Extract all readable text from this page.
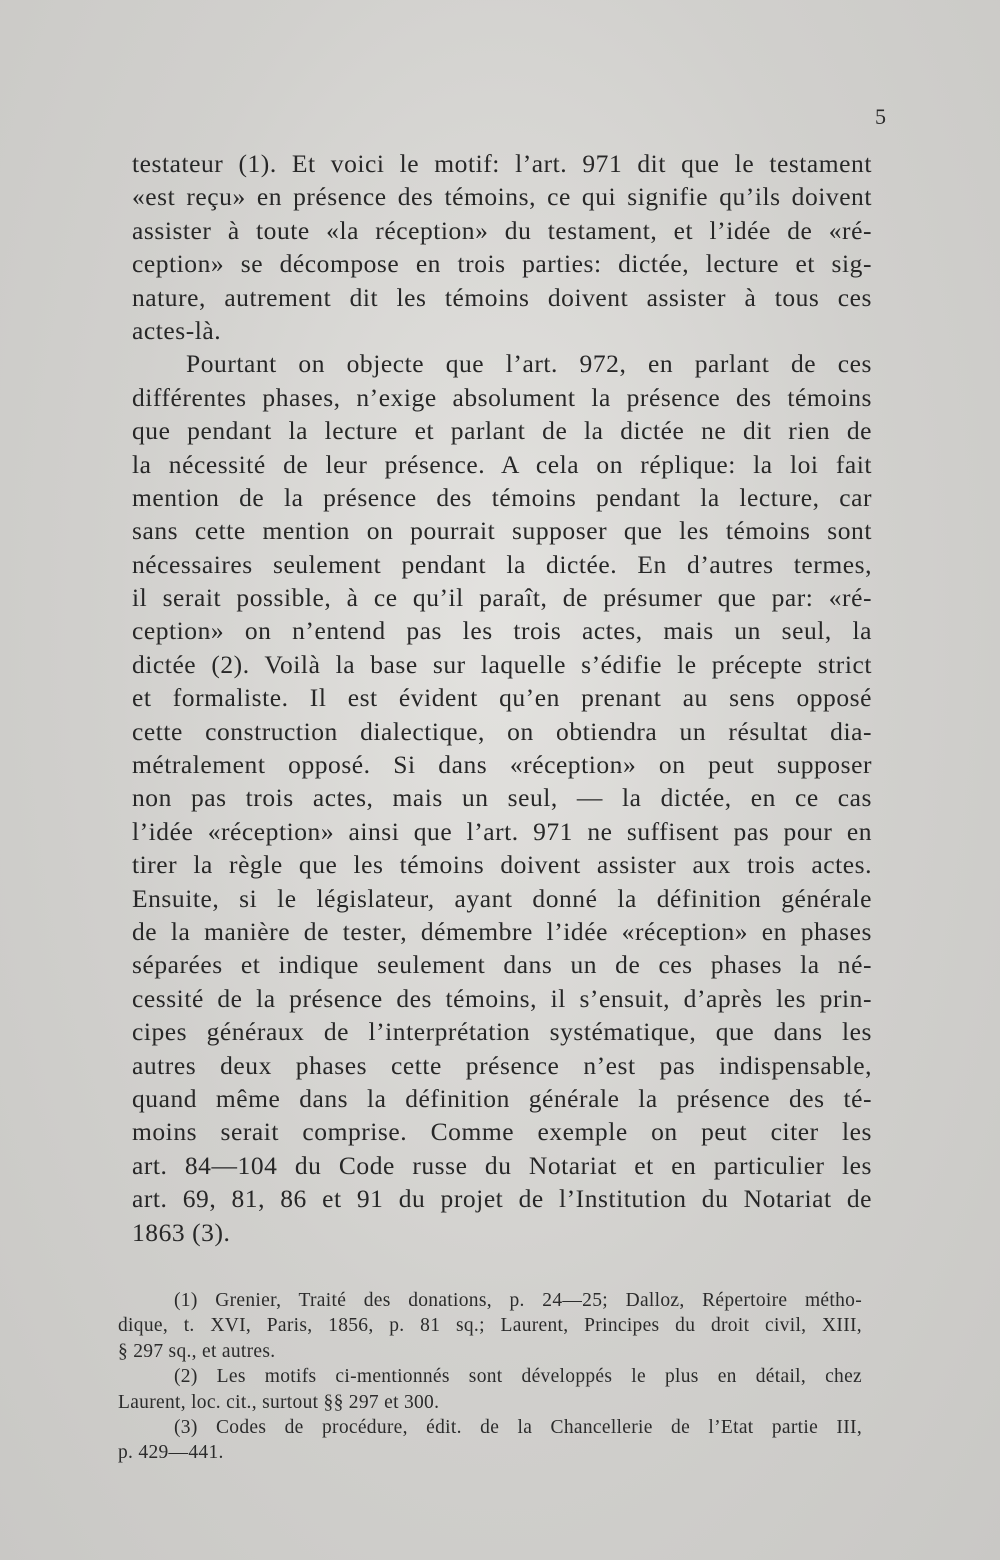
5
testateur (1). Et voici le motif: l’art. 971 dit que le testament
«est reçu» en présence des témoins, ce qui signifie qu’ils doivent
assister à toute «la réception» du testament, et l’idée de «ré-
ception» se décompose en trois parties: dictée, lecture et sig-
nature, autrement dit les témoins doivent assister à tous ces
actes-là.
Pourtant on objecte que l’art. 972, en parlant de ces
différentes phases, n’exige absolument la présence des témoins
que pendant la lecture et parlant de la dictée ne dit rien de
la nécessité de leur présence. A cela on réplique: la loi fait
mention de la présence des témoins pendant la lecture, car
sans cette mention on pourrait supposer que les témoins sont
nécessaires seulement pendant la dictée. En d’autres termes,
il serait possible, à ce qu’il paraît, de présumer que par: «ré-
ception» on n’entend pas les trois actes, mais un seul, la
dictée (2). Voilà la base sur laquelle s’édifie le précepte strict
et formaliste. Il est évident qu’en prenant au sens opposé
cette construction dialectique, on obtiendra un résultat dia-
métralement opposé. Si dans «réception» on peut supposer
non pas trois actes, mais un seul, — la dictée, en ce cas
l’idée «réception» ainsi que l’art. 971 ne suffisent pas pour en
tirer la règle que les témoins doivent assister aux trois actes.
Ensuite, si le législateur, ayant donné la définition générale
de la manière de tester, démembre l’idée «réception» en phases
séparées et indique seulement dans un de ces phases la né-
cessité de la présence des témoins, il s’ensuit, d’après les prin-
cipes généraux de l’interprétation systématique, que dans les
autres deux phases cette présence n’est pas indispensable,
quand même dans la définition générale la présence des té-
moins serait comprise. Comme exemple on peut citer les
art. 84—104 du Code russe du Notariat et en particulier les
art. 69, 81, 86 et 91 du projet de l’Institution du Notariat de
1863 (3).
(1) Grenier, Traité des donations, p. 24—25; Dalloz, Répertoire métho-
dique, t. XVI, Paris, 1856, p. 81 sq.; Laurent, Principes du droit civil, XIII,
§ 297 sq., et autres.
(2) Les motifs ci-mentionnés sont développés le plus en détail, chez
Laurent, loc. cit., surtout §§ 297 et 300.
(3) Codes de procédure, édit. de la Chancellerie de l’Etat partie III,
p. 429—441.
